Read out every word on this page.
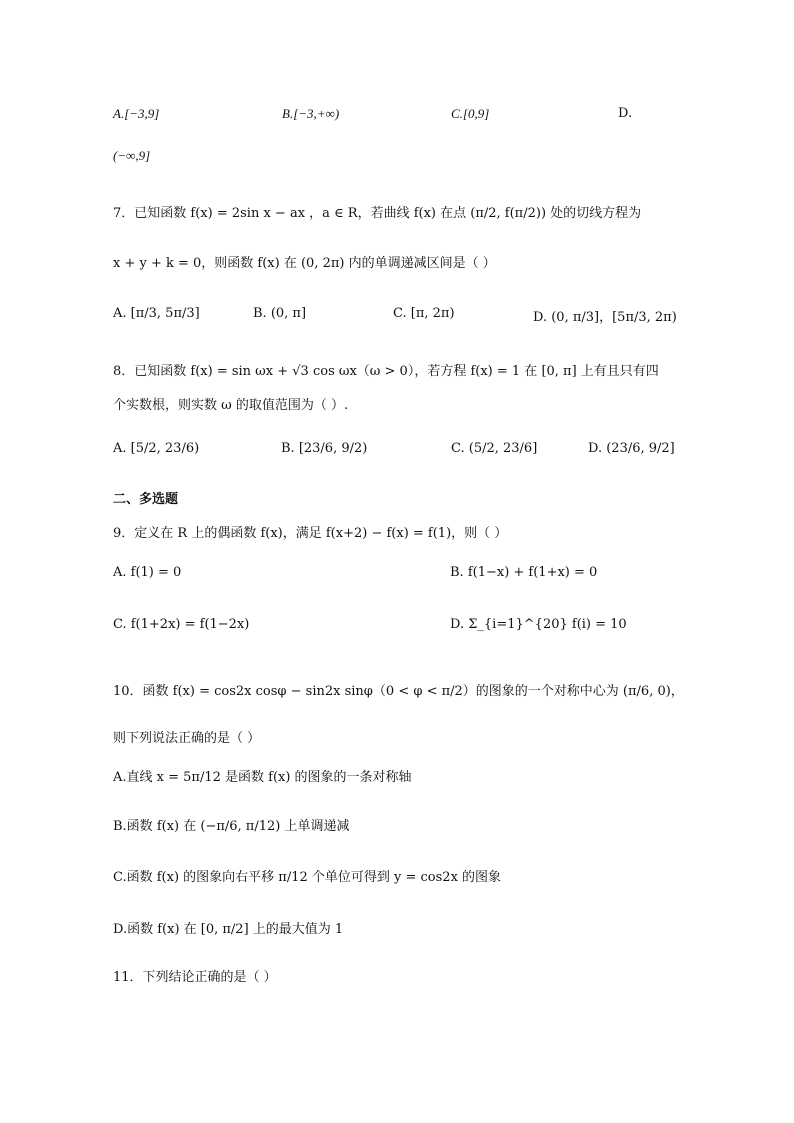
A.[−3,9]	B.[−3,+∞)	C.[0,9]	D.
(−∞,9]
7．已知函数 f(x) = 2sin x − ax ，a ∈ R，若曲线 f(x) 在点 (π/2, f(π/2)) 处的切线方程为
x + y + k = 0，则函数 f(x) 在 (0, 2π) 内的单调递减区间是（ ）
A. [π/3, 5π/3]	B. (0, π]	C. [π, 2π)	D. (0, π/3]，[5π/3, 2π)
8．已知函数 f(x) = sin ωx + √3 cos ωx（ω > 0），若方程 f(x) = 1 在 [0, π] 上有且只有四
个实数根，则实数 ω 的取值范围为（ ）.
A. [5/2, 23/6)	B. [23/6, 9/2)	C. (5/2, 23/6]	D. (23/6, 9/2]
二、多选题
9．定义在 R 上的偶函数 f(x)，满足 f(x+2) − f(x) = f(1)，则（ ）
A. f(1) = 0	B. f(1−x) + f(1+x) = 0
C. f(1+2x) = f(1−2x)	D. Σ_{i=1}^{20} f(i) = 10
10．函数 f(x) = cos2x cosφ − sin2x sinφ（0 < φ < π/2）的图象的一个对称中心为 (π/6, 0)，
则下列说法正确的是（ ）
A.直线 x = 5π/12 是函数 f(x) 的图象的一条对称轴
B.函数 f(x) 在 (−π/6, π/12) 上单调递减
C.函数 f(x) 的图象向右平移 π/12 个单位可得到 y = cos2x 的图象
D.函数 f(x) 在 [0, π/2] 上的最大值为 1
11．下列结论正确的是（ ）
